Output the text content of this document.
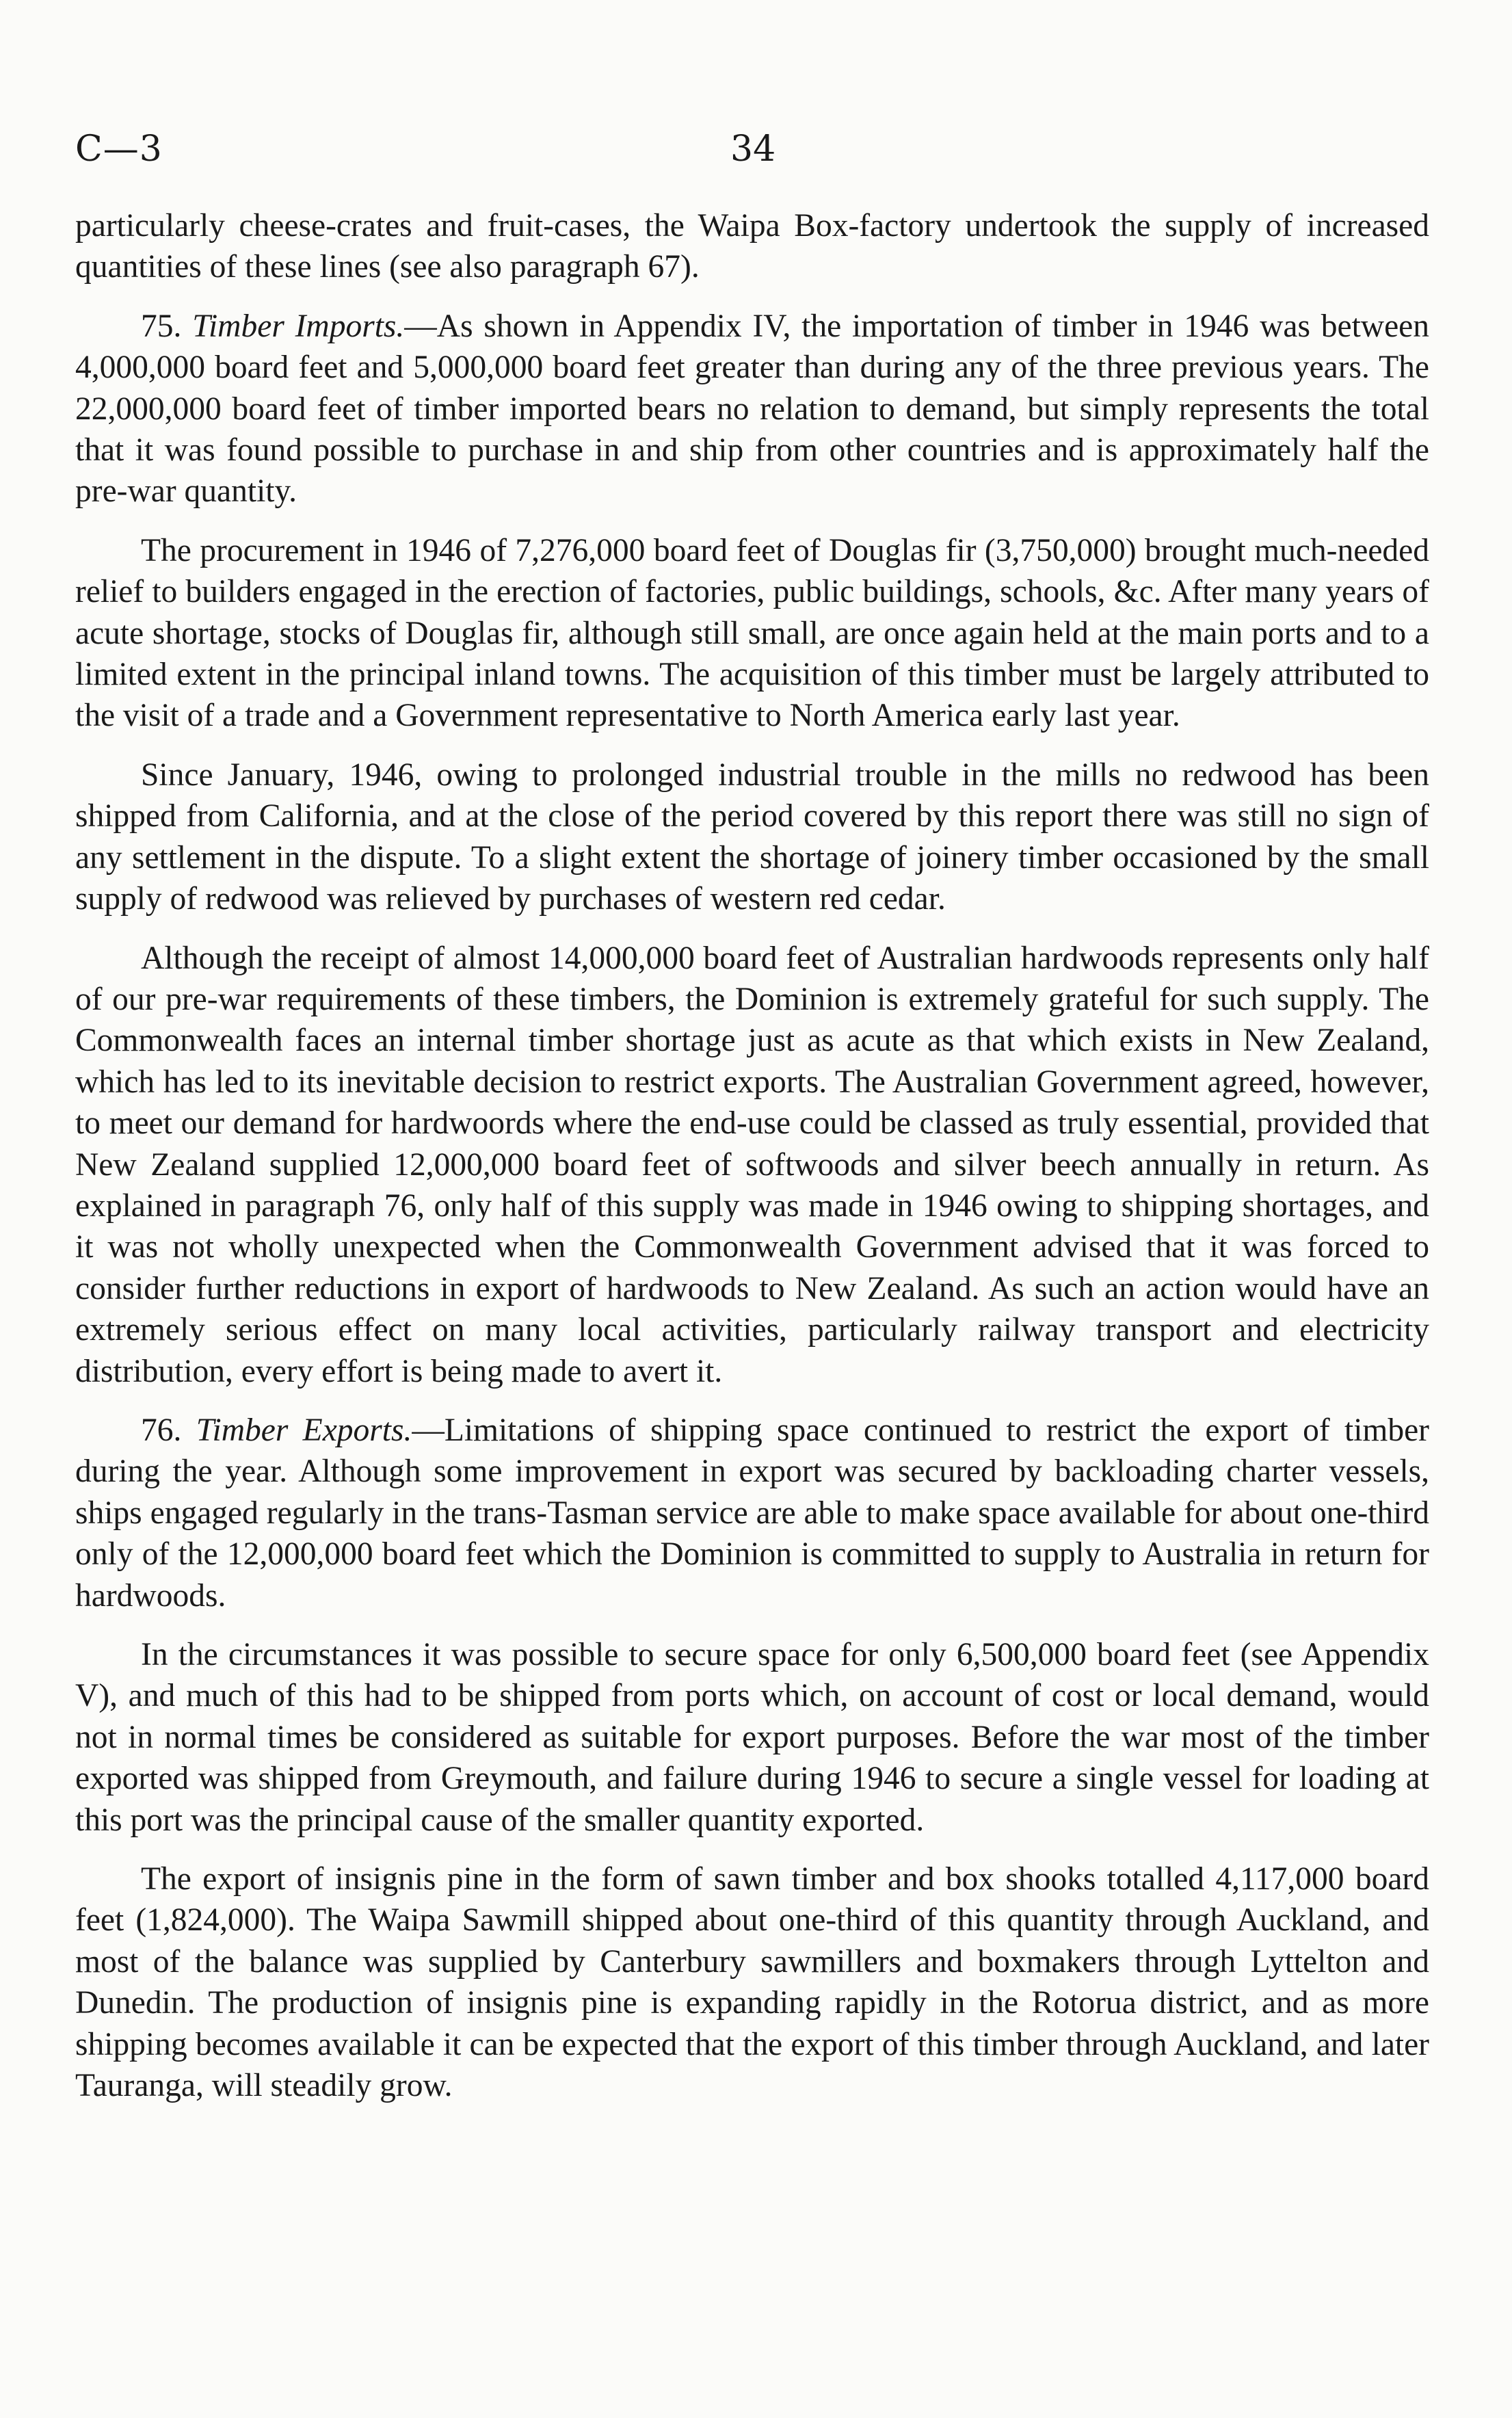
C—3	34

particularly cheese-crates and fruit-cases, the Waipa Box-factory undertook the supply of increased quantities of these lines (see also paragraph 67).

75. Timber Imports.—As shown in Appendix IV, the importation of timber in 1946 was between 4,000,000 board feet and 5,000,000 board feet greater than during any of the three previous years. The 22,000,000 board feet of timber imported bears no relation to demand, but simply represents the total that it was found possible to purchase in and ship from other countries and is approximately half the pre-war quantity.

The procurement in 1946 of 7,276,000 board feet of Douglas fir (3,750,000) brought much-needed relief to builders engaged in the erection of factories, public buildings, schools, &c. After many years of acute shortage, stocks of Douglas fir, although still small, are once again held at the main ports and to a limited extent in the principal inland towns. The acquisition of this timber must be largely attributed to the visit of a trade and a Government representative to North America early last year.

Since January, 1946, owing to prolonged industrial trouble in the mills no redwood has been shipped from California, and at the close of the period covered by this report there was still no sign of any settlement in the dispute. To a slight extent the shortage of joinery timber occasioned by the small supply of redwood was relieved by purchases of western red cedar.

Although the receipt of almost 14,000,000 board feet of Australian hardwoods represents only half of our pre-war requirements of these timbers, the Dominion is extremely grateful for such supply. The Commonwealth faces an internal timber shortage just as acute as that which exists in New Zealand, which has led to its inevitable decision to restrict exports. The Australian Government agreed, however, to meet our demand for hardwoords where the end-use could be classed as truly essential, provided that New Zealand supplied 12,000,000 board feet of softwoods and silver beech annually in return. As explained in paragraph 76, only half of this supply was made in 1946 owing to shipping shortages, and it was not wholly unexpected when the Commonwealth Government advised that it was forced to consider further reductions in export of hardwoods to New Zealand. As such an action would have an extremely serious effect on many local activities, particularly railway transport and electricity distribution, every effort is being made to avert it.

76. Timber Exports.—Limitations of shipping space continued to restrict the export of timber during the year. Although some improvement in export was secured by backloading charter vessels, ships engaged regularly in the trans-Tasman service are able to make space available for about one-third only of the 12,000,000 board feet which the Dominion is committed to supply to Australia in return for hardwoods.

In the circumstances it was possible to secure space for only 6,500,000 board feet (see Appendix V), and much of this had to be shipped from ports which, on account of cost or local demand, would not in normal times be considered as suitable for export purposes. Before the war most of the timber exported was shipped from Greymouth, and failure during 1946 to secure a single vessel for loading at this port was the principal cause of the smaller quantity exported.

The export of insignis pine in the form of sawn timber and box shooks totalled 4,117,000 board feet (1,824,000). The Waipa Sawmill shipped about one-third of this quantity through Auckland, and most of the balance was supplied by Canterbury sawmillers and boxmakers through Lyttelton and Dunedin. The production of insignis pine is expanding rapidly in the Rotorua district, and as more shipping becomes available it can be expected that the export of this timber through Auckland, and later Tauranga, will steadily grow.
